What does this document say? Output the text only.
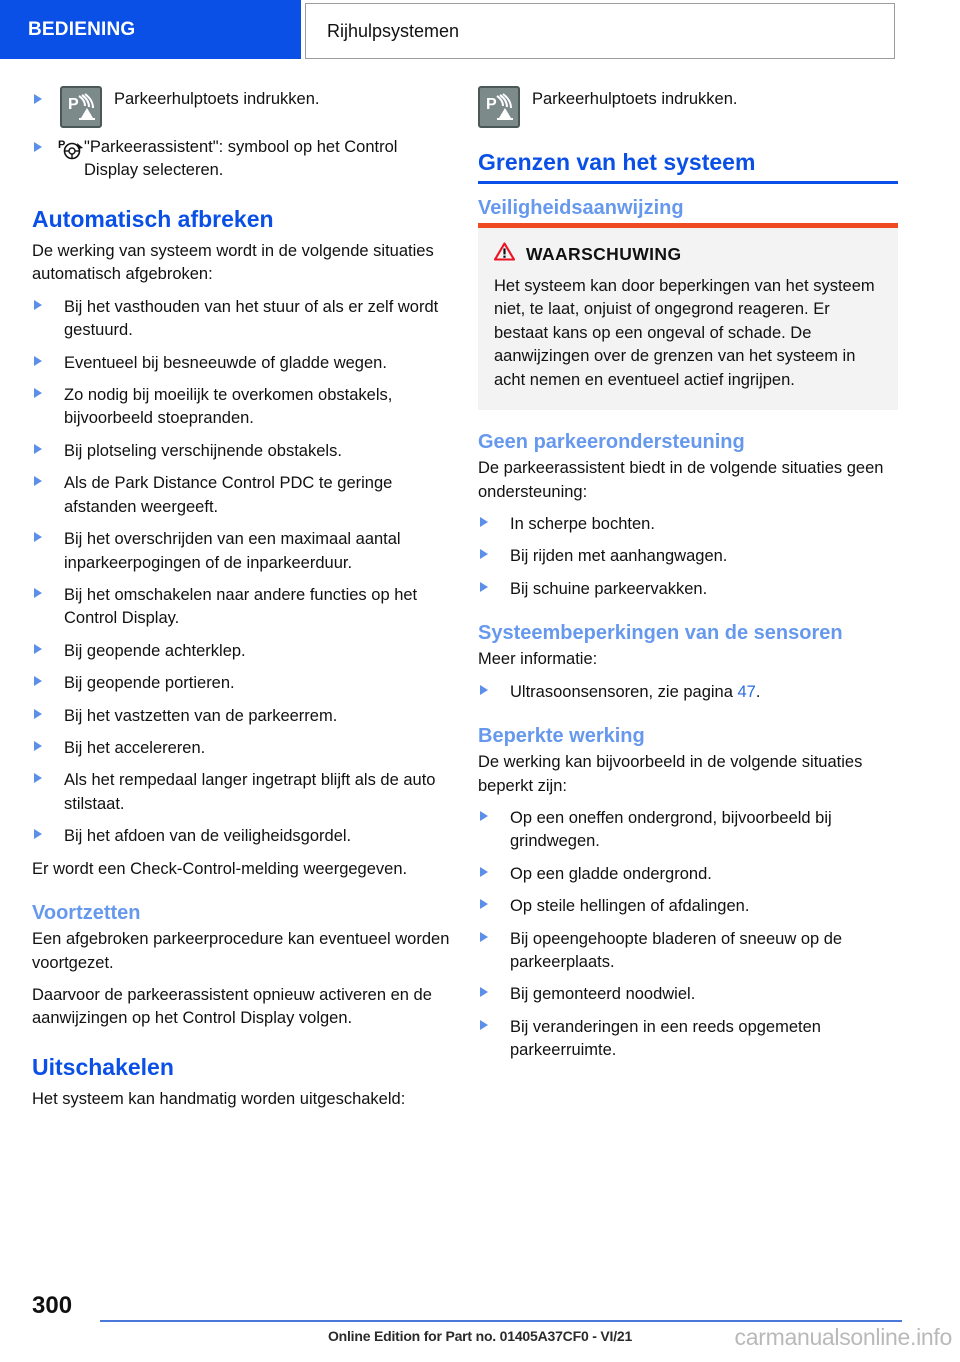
BEDIENING	Rijhulpsystemen
P Parkeerhulptoets indrukken.
P "Parkeerassistent": symbool op het Control Display selecteren.
Automatisch afbreken

De werking van systeem wordt in de volgende situaties automatisch afgebroken:

Bij het vasthouden van het stuur of als er zelf wordt gestuurd.
Eventueel bij besneeuwde of gladde wegen.
Zo nodig bij moeilijk te overkomen obstakels, bijvoorbeeld stoepranden.
Bij plotseling verschijnende obstakels.
Als de Park Distance Control PDC te geringe afstanden weergeeft.
Bij het overschrijden van een maximaal aantal inparkeerpogingen of de inparkeerduur.
Bij het omschakelen naar andere functies op het Control Display.
Bij geopende achterklep.
Bij geopende portieren.
Bij het vastzetten van de parkeerrem.
Bij het accelereren.
Als het rempedaal langer ingetrapt blijft als de auto stilstaat.
Bij het afdoen van de veiligheidsgordel.

Er wordt een Check-Control-melding weergegeven.

Voortzetten

Een afgebroken parkeerprocedure kan eventueel worden voortgezet.

Daarvoor de parkeerassistent opnieuw activeren en de aanwijzingen op het Control Display volgen.

Uitschakelen

Het systeem kan handmatig worden uitgeschakeld:

P Parkeerhulptoets indrukken.
Grenzen van het systeem
Veiligheidsaanwijzing
WAARSCHUWING

Het systeem kan door beperkingen van het systeem niet, te laat, onjuist of ongegrond reageren. Er bestaat kans op een ongeval of schade. De aanwijzingen over de grenzen van het systeem in acht nemen en eventueel actief ingrijpen.

Geen parkeerondersteuning

De parkeerassistent biedt in de volgende situaties geen ondersteuning:

In scherpe bochten.
Bij rijden met aanhangwagen.
Bij schuine parkeervakken.
Systeembeperkingen van de sensoren

Meer informatie:

Ultrasoonsensoren, zie pagina 47.
Beperkte werking

De werking kan bijvoorbeeld in de volgende situaties beperkt zijn:

Op een oneffen ondergrond, bijvoorbeeld bij grindwegen.
Op een gladde ondergrond.
Op steile hellingen of afdalingen.
Bij opeengehoopte bladeren of sneeuw op de parkeerplaats.
Bij gemonteerd noodwiel.
Bij veranderingen in een reeds opgemeten parkeerruimte.
300
Online Edition for Part no. 01405A37CF0 - VI/21	carmanualsonline.info
